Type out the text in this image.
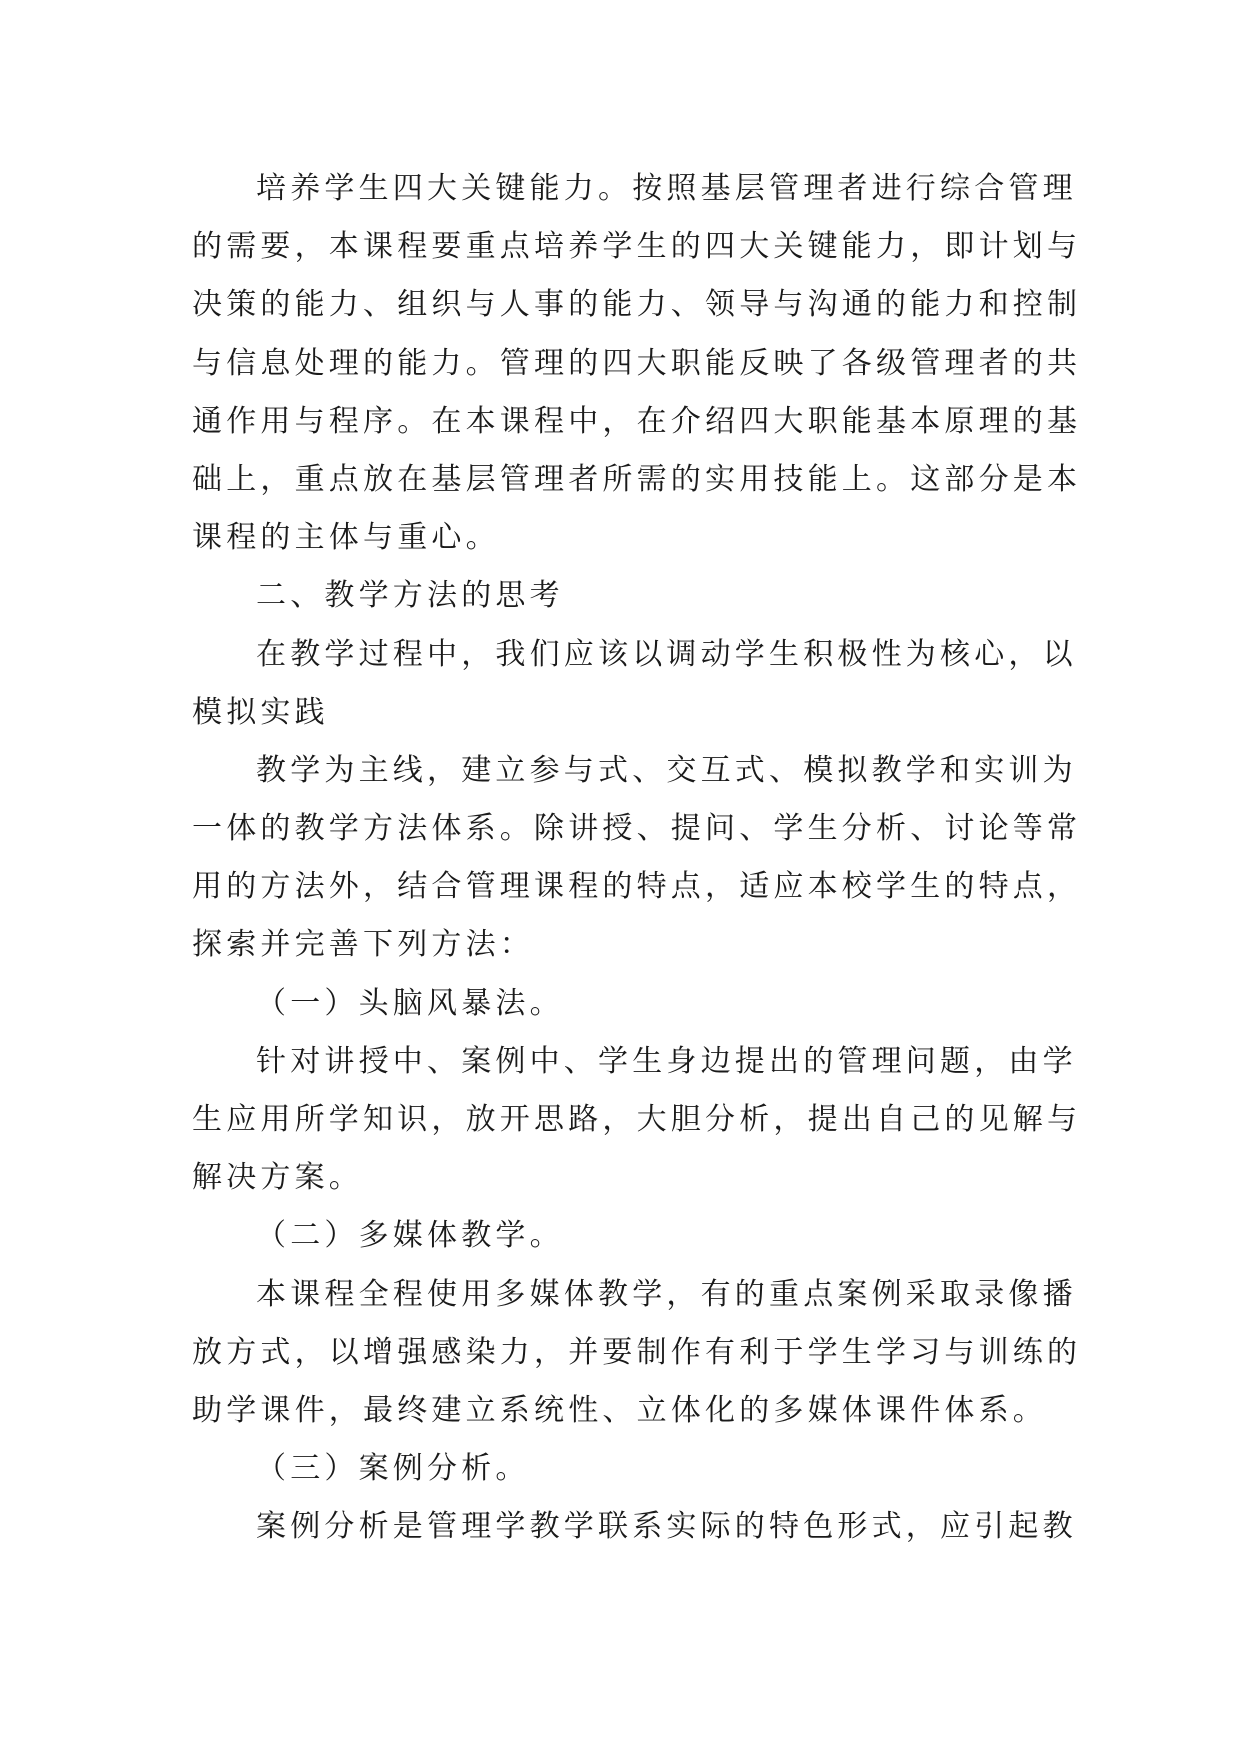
培养学生四大关键能力。按照基层管理者进行综合管理
的需要，本课程要重点培养学生的四大关键能力，即计划与
决策的能力、组织与人事的能力、领导与沟通的能力和控制
与信息处理的能力。管理的四大职能反映了各级管理者的共
通作用与程序。在本课程中，在介绍四大职能基本原理的基
础上，重点放在基层管理者所需的实用技能上。这部分是本
课程的主体与重心。
二、教学方法的思考
在教学过程中，我们应该以调动学生积极性为核心，以
模拟实践
教学为主线，建立参与式、交互式、模拟教学和实训为
一体的教学方法体系。除讲授、提问、学生分析、讨论等常
用的方法外，结合管理课程的特点，适应本校学生的特点，
探索并完善下列方法：
（一）头脑风暴法。
针对讲授中、案例中、学生身边提出的管理问题，由学
生应用所学知识，放开思路，大胆分析，提出自己的见解与
解决方案。
（二）多媒体教学。
本课程全程使用多媒体教学，有的重点案例采取录像播
放方式，以增强感染力，并要制作有利于学生学习与训练的
助学课件，最终建立系统性、立体化的多媒体课件体系。
（三）案例分析。
案例分析是管理学教学联系实际的特色形式，应引起教
